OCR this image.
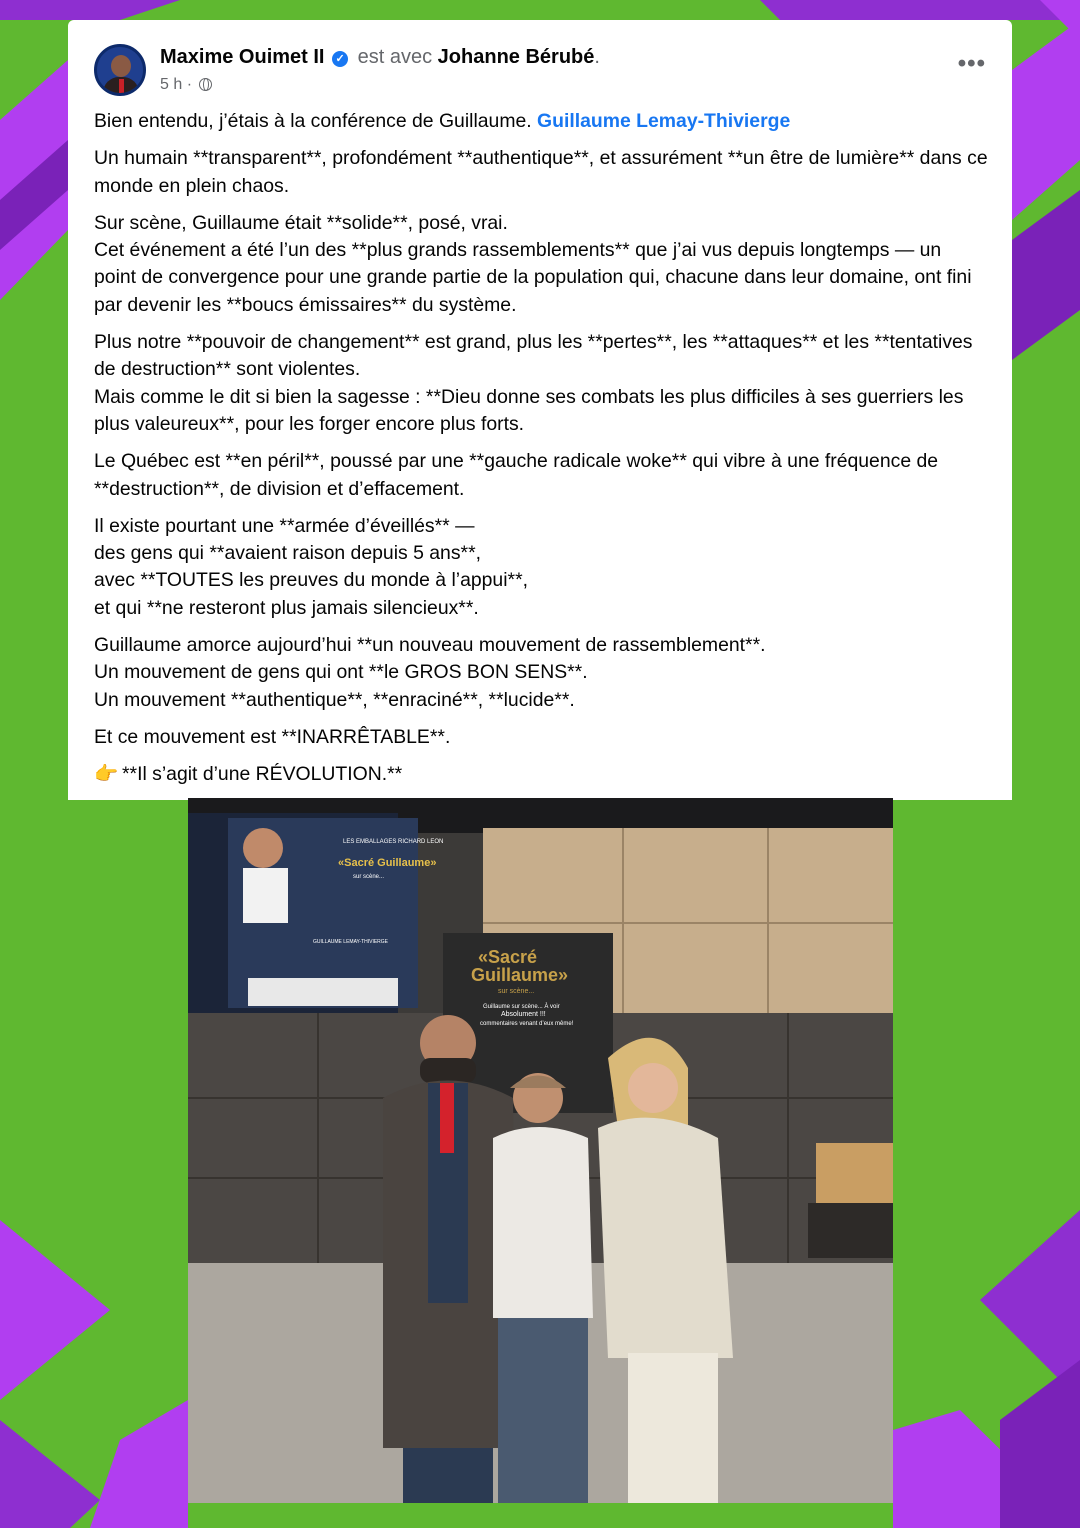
Maxime Ouimet II ✓ est avec Johanne Bérubé.
5 h ·
•••

Bien entendu, j’étais à la conférence de Guillaume. Guillaume Lemay-Thivierge

Un humain **transparent**, profondément **authentique**, et assurément **un être de lumière** dans ce monde en plein chaos.

Sur scène, Guillaume était **solide**, posé, vrai.
Cet événement a été l’un des **plus grands rassemblements** que j’ai vus depuis longtemps — un point de convergence pour une grande partie de la population qui, chacune dans leur domaine, ont fini par devenir les **boucs émissaires** du système.

Plus notre **pouvoir de changement** est grand, plus les **pertes**, les **attaques** et les **tentatives de destruction** sont violentes.
Mais comme le dit si bien la sagesse : **Dieu donne ses combats les plus difficiles à ses guerriers les plus valeureux**, pour les forger encore plus forts.

Le Québec est **en péril**, poussé par une **gauche radicale woke** qui vibre à une fréquence de **destruction**, de division et d’effacement.

Il existe pourtant une **armée d’éveillés** —
des gens qui **avaient raison depuis 5 ans**,
avec **TOUTES les preuves du monde à l’appui**,
et qui **ne resteront plus jamais silencieux**.

Guillaume amorce aujourd’hui **un nouveau mouvement de rassemblement**.
Un mouvement de gens qui ont **le GROS BON SENS**.
Un mouvement **authentique**, **enraciné**, **lucide**.

Et ce mouvement est **INARRÊTABLE**.

👉 **Il s’agit d’une RÉVOLUTION.**

LES EMBALLAGES RICHARD LEON
«Sacré Guillaume»
sur scène...
GUILLAUME LEMAY-THIVIERGE
«Sacré
Guillaume»
sur scène...
Guillaume sur scène... À voir
Absolument !!!
commentaires venant d’eux même!
